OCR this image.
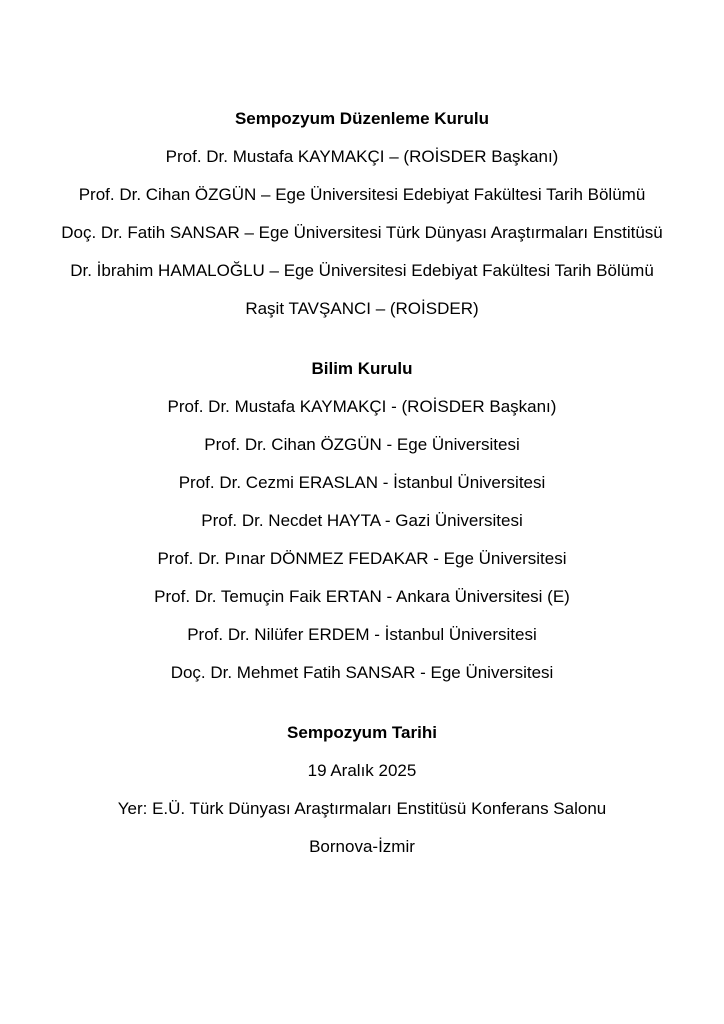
Sempozyum Düzenleme Kurulu

Prof. Dr. Mustafa KAYMAKÇI – (ROİSDER Başkanı)

Prof. Dr. Cihan ÖZGÜN – Ege Üniversitesi Edebiyat Fakültesi Tarih Bölümü

Doç. Dr. Fatih SANSAR – Ege Üniversitesi Türk Dünyası Araştırmaları Enstitüsü

Dr. İbrahim HAMALOĞLU – Ege Üniversitesi Edebiyat Fakültesi Tarih Bölümü

Raşit TAVŞANCI – (ROİSDER)

Bilim Kurulu

Prof. Dr. Mustafa KAYMAKÇI - (ROİSDER Başkanı)

Prof. Dr. Cihan ÖZGÜN - Ege Üniversitesi

Prof. Dr. Cezmi ERASLAN - İstanbul Üniversitesi

Prof. Dr. Necdet HAYTA - Gazi Üniversitesi

Prof. Dr. Pınar DÖNMEZ FEDAKAR - Ege Üniversitesi

Prof. Dr. Temuçin Faik ERTAN - Ankara Üniversitesi (E)

Prof. Dr. Nilüfer ERDEM - İstanbul Üniversitesi

Doç. Dr. Mehmet Fatih SANSAR - Ege Üniversitesi

Sempozyum Tarihi

19 Aralık 2025

Yer: E.Ü. Türk Dünyası Araştırmaları Enstitüsü Konferans Salonu

Bornova-İzmir
